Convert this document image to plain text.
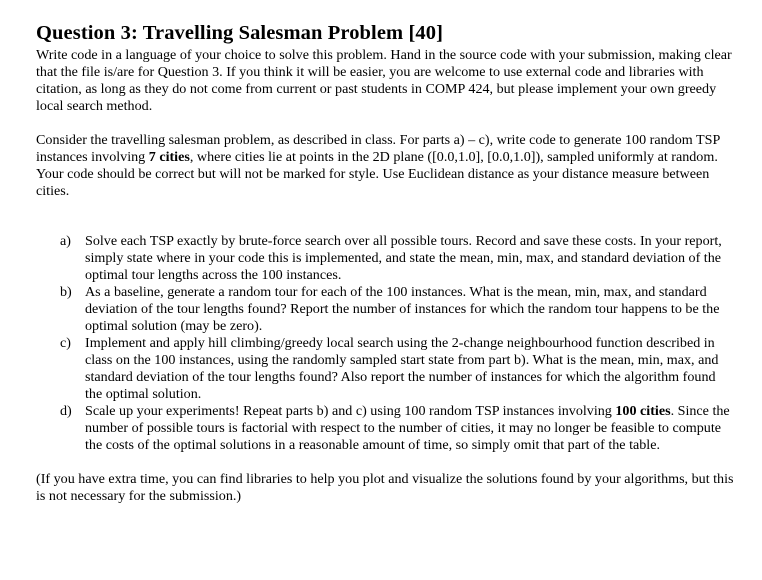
Question 3: Travelling Salesman Problem [40]

Write code in a language of your choice to solve this problem. Hand in the source code with your submission, making clear that the file is/are for Question 3. If you think it will be easier, you are welcome to use external code and libraries with citation, as long as they do not come from current or past students in COMP 424, but please implement your own greedy local search method.

Consider the travelling salesman problem, as described in class. For parts a) – c), write code to generate 100 random TSP instances involving 7 cities, where cities lie at points in the 2D plane ([0.0,1.0], [0.0,1.0]), sampled uniformly at random. Your code should be correct but will not be marked for style. Use Euclidean distance as your distance measure between cities.

a) Solve each TSP exactly by brute-force search over all possible tours. Record and save these costs. In your report, simply state where in your code this is implemented, and state the mean, min, max, and standard deviation of the optimal tour lengths across the 100 instances.
b) As a baseline, generate a random tour for each of the 100 instances. What is the mean, min, max, and standard deviation of the tour lengths found? Report the number of instances for which the random tour happens to be the optimal solution (may be zero).
c) Implement and apply hill climbing/greedy local search using the 2-change neighbourhood function described in class on the 100 instances, using the randomly sampled start state from part b). What is the mean, min, max, and standard deviation of the tour lengths found? Also report the number of instances for which the algorithm found the optimal solution.
d) Scale up your experiments! Repeat parts b) and c) using 100 random TSP instances involving 100 cities. Since the number of possible tours is factorial with respect to the number of cities, it may no longer be feasible to compute the costs of the optimal solutions in a reasonable amount of time, so simply omit that part of the table.

(If you have extra time, you can find libraries to help you plot and visualize the solutions found by your algorithms, but this is not necessary for the submission.)
